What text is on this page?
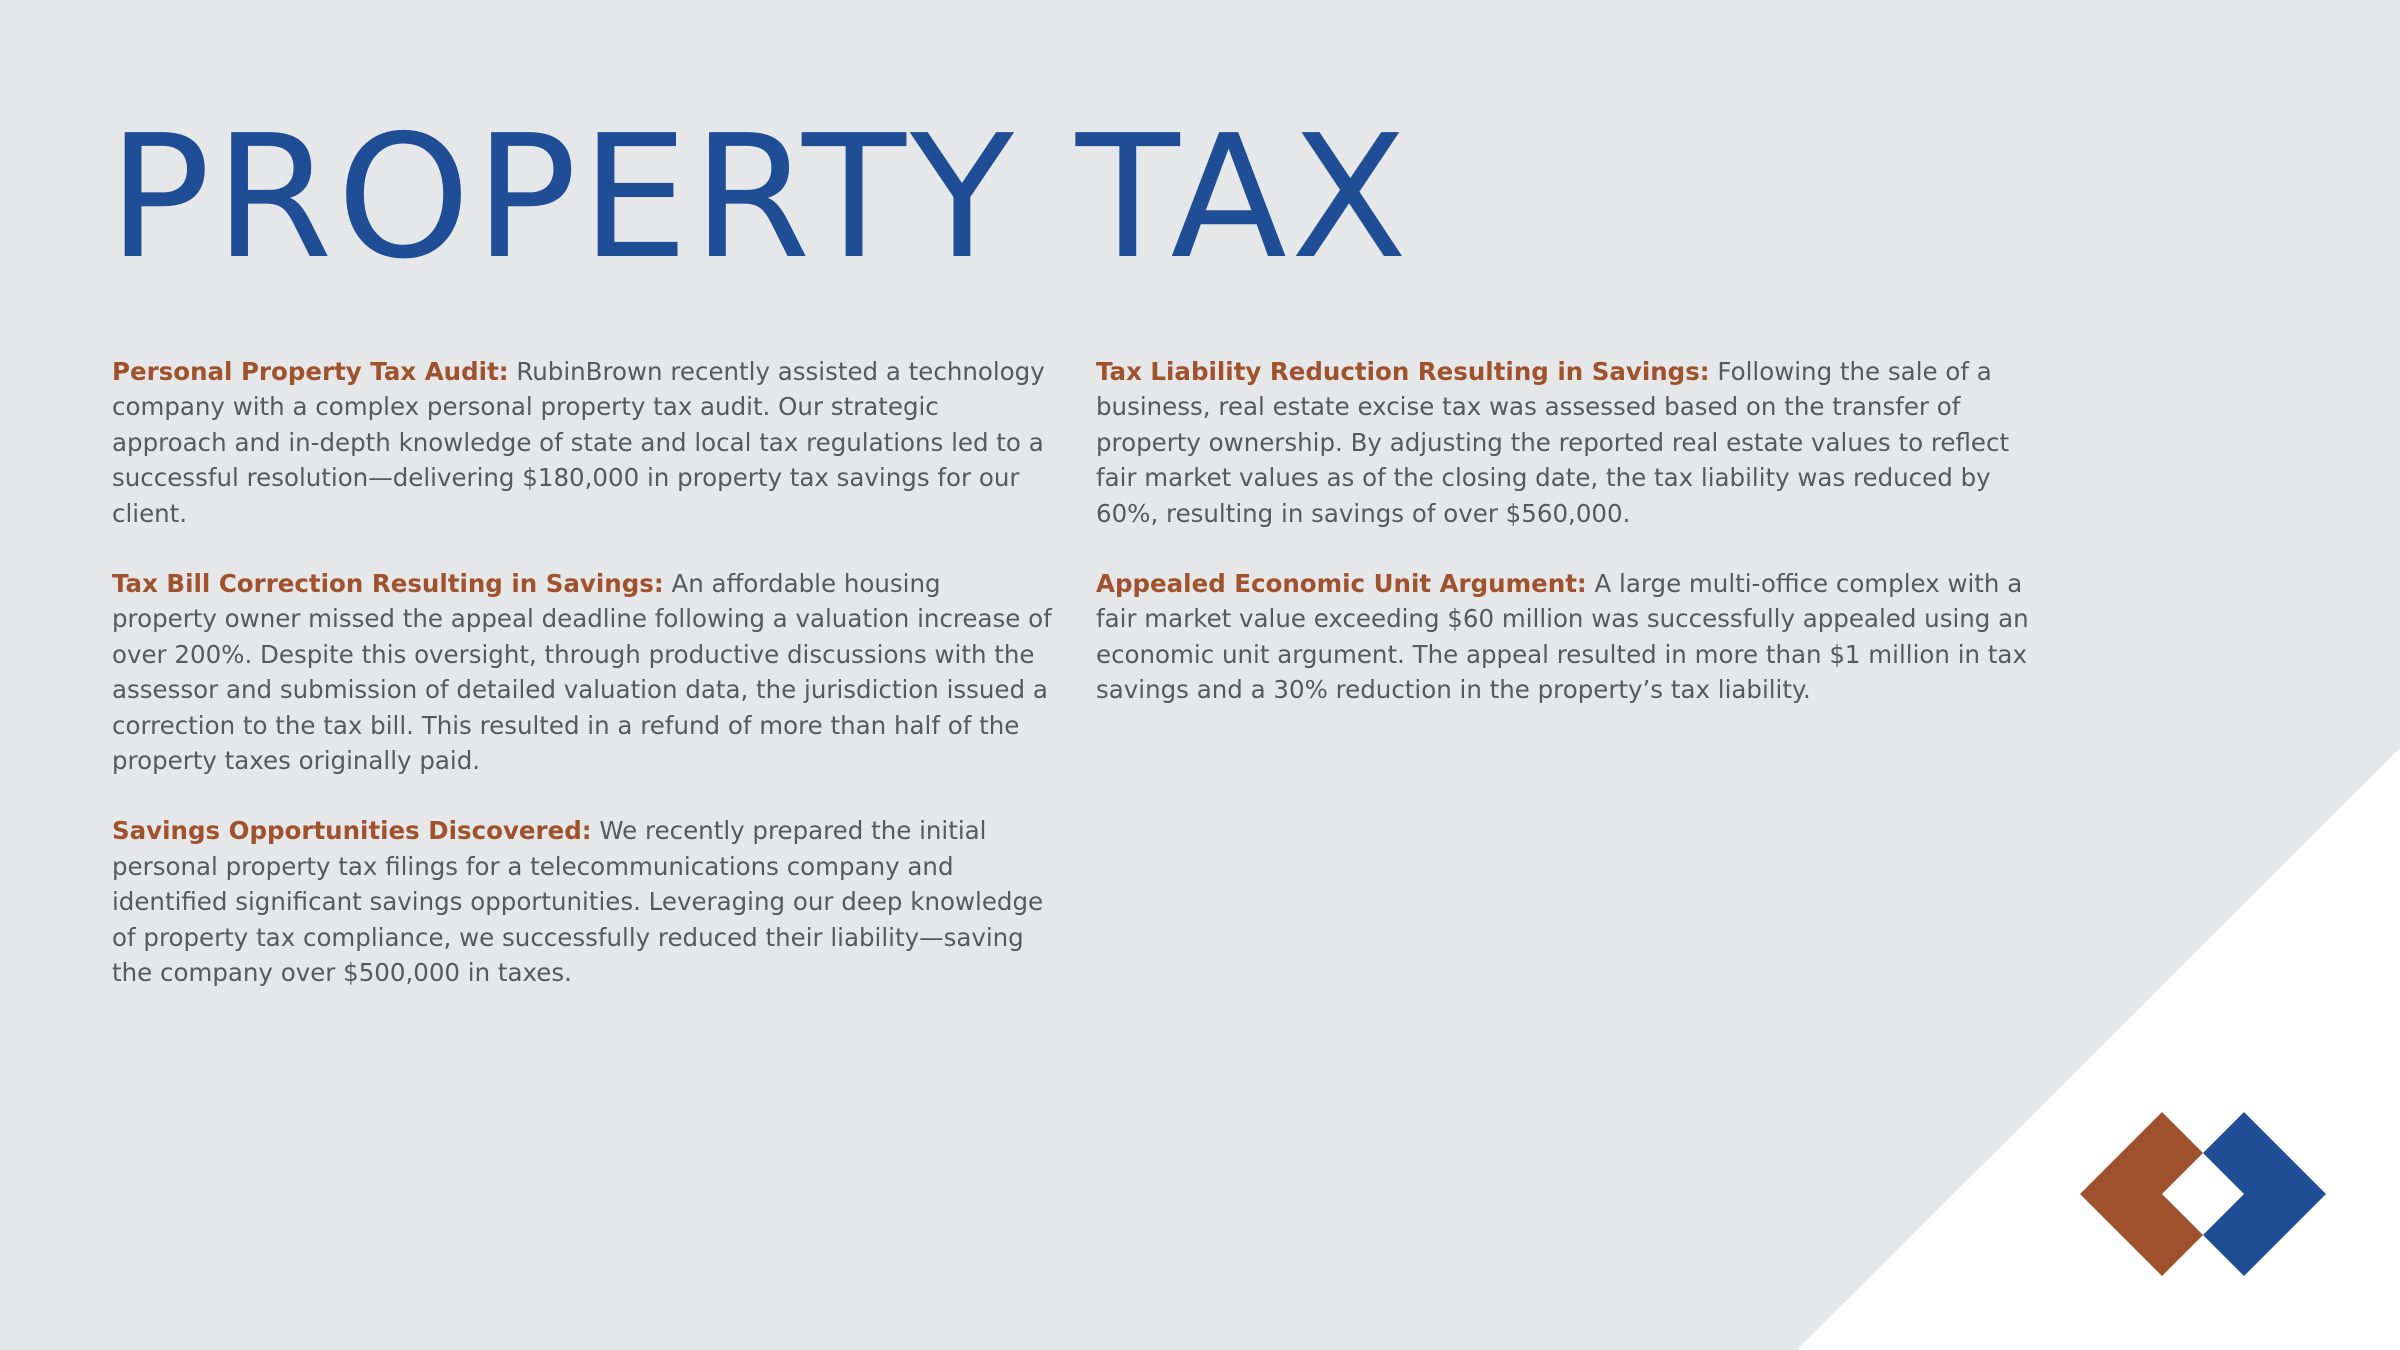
PROPERTY TAX

Personal Property Tax Audit: RubinBrown recently assisted a technology company with a complex personal property tax audit. Our strategic approach and in-depth knowledge of state and local tax regulations led to a successful resolution—delivering $180,000 in property tax savings for our client.

Tax Bill Correction Resulting in Savings: An affordable housing property owner missed the appeal deadline following a valuation increase of over 200%. Despite this oversight, through productive discussions with the assessor and submission of detailed valuation data, the jurisdiction issued a correction to the tax bill. This resulted in a refund of more than half of the property taxes originally paid.

Savings Opportunities Discovered: We recently prepared the initial personal property tax filings for a telecommunications company and identified significant savings opportunities. Leveraging our deep knowledge of property tax compliance, we successfully reduced their liability—saving the company over $500,000 in taxes.

Tax Liability Reduction Resulting in Savings: Following the sale of a business, real estate excise tax was assessed based on the transfer of property ownership. By adjusting the reported real estate values to reflect fair market values as of the closing date, the tax liability was reduced by 60%, resulting in savings of over $560,000.

Appealed Economic Unit Argument: A large multi-office complex with a fair market value exceeding $60 million was successfully appealed using an economic unit argument. The appeal resulted in more than $1 million in tax savings and a 30% reduction in the property’s tax liability.
